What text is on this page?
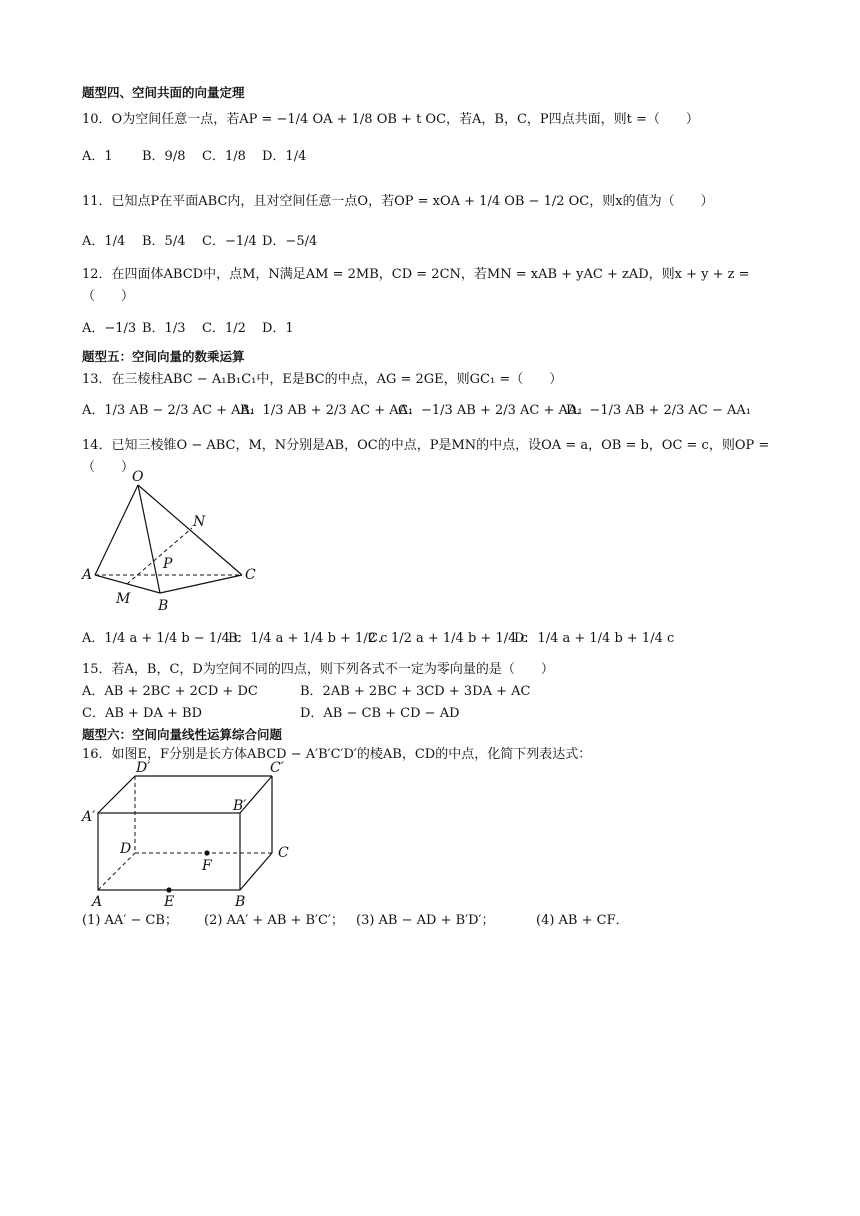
题型四、空间共面的向量定理
10．O为空间任意一点，若AP = −1/4 OA + 1/8 OB + t OC，若A，B，C，P四点共面，则t =（　　）
A．1 B．9/8 C．1/8 D．1/4
11．已知点P在平面ABC内，且对空间任意一点O，若OP = xOA + 1/4 OB − 1/2 OC，则x的值为（　　）
A．1/4 B．5/4 C．−1/4 D．−5/4
12．在四面体ABCD中，点M，N满足AM = 2MB，CD = 2CN，若MN = xAB + yAC + zAD，则x + y + z =
（　　）
A．−1/3 B．1/3 C．1/2 D．1
题型五：空间向量的数乘运算
13．在三棱柱ABC − A₁B₁C₁中，E是BC的中点，AG = 2GE，则GC₁ =（　　）
A．1/3 AB − 2/3 AC + AA₁
B．1/3 AB + 2/3 AC + AA₁
C．−1/3 AB + 2/3 AC + AA₁
D．−1/3 AB + 2/3 AC − AA₁
14．已知三棱锥O − ABC，M，N分别是AB，OC的中点，P是MN的中点，设OA = a，OB = b，OC = c，则OP =
（　　）
O
N
A
P
C
M B
A．1/4 a + 1/4 b − 1/4 c
B．1/4 a + 1/4 b + 1/2 c
C．1/2 a + 1/4 b + 1/4 c
D．1/4 a + 1/4 b + 1/4 c
15．若A，B，C，D为空间不同的四点，则下列各式不一定为零向量的是（　　）
A．AB + 2BC + 2CD + DC	B．2AB + 2BC + 3CD + 3DA + AC
C．AB + DA + BD	D．AB − CB + CD − AD
题型六：空间向量线性运算综合问题
16．如图E，F分别是长方体ABCD − A′B′C′D′的棱AB，CD的中点，化简下列表达式：
D′	C′
A′
B′
D
F
C
A	E	B
(1) AA′ − CB； (2) AA′ + AB + B′C′； (3) AB − AD + B′D′；	(4) AB + CF．
